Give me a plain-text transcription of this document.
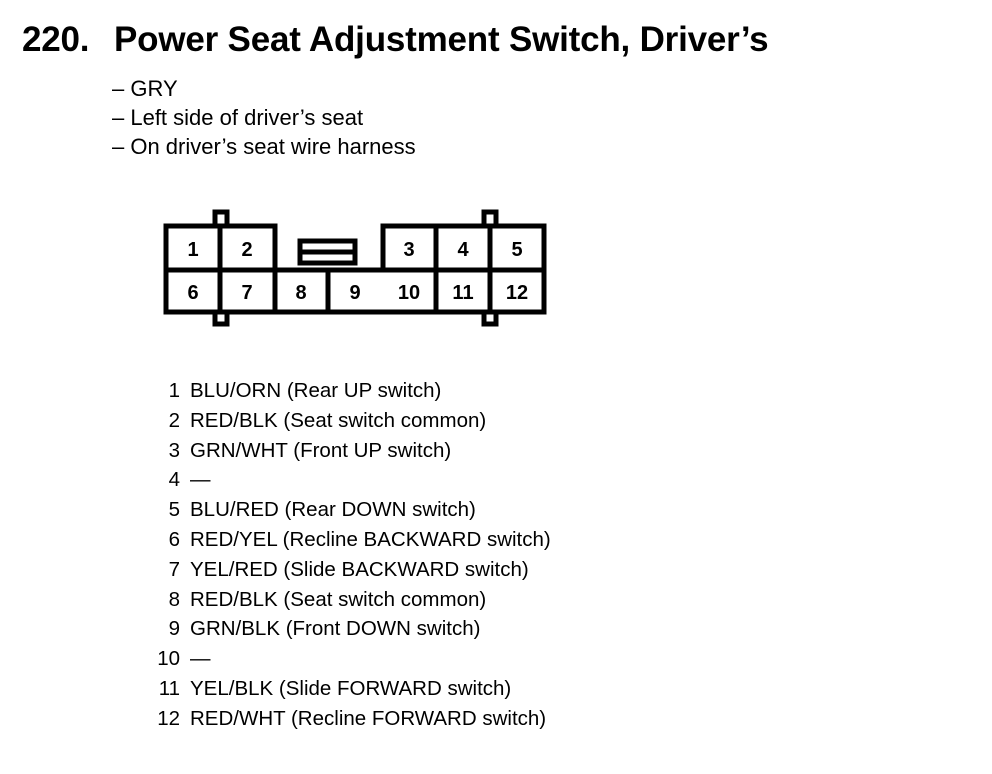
220. Power Seat Adjustment Switch, Driver’s
– GRY
– Left side of driver’s seat
– On driver’s seat wire harness
1 2	3 4 5
6 7 8 9 10 11 12
1 BLU/ORN (Rear UP switch)
2 RED/BLK (Seat switch common)
3 GRN/WHT (Front UP switch)
4 —
5 BLU/RED (Rear DOWN switch)
6 RED/YEL (Recline BACKWARD switch)
7 YEL/RED (Slide BACKWARD switch)
8 RED/BLK (Seat switch common)
9 GRN/BLK (Front DOWN switch)
10 —
11 YEL/BLK (Slide FORWARD switch)
12 RED/WHT (Recline FORWARD switch)
